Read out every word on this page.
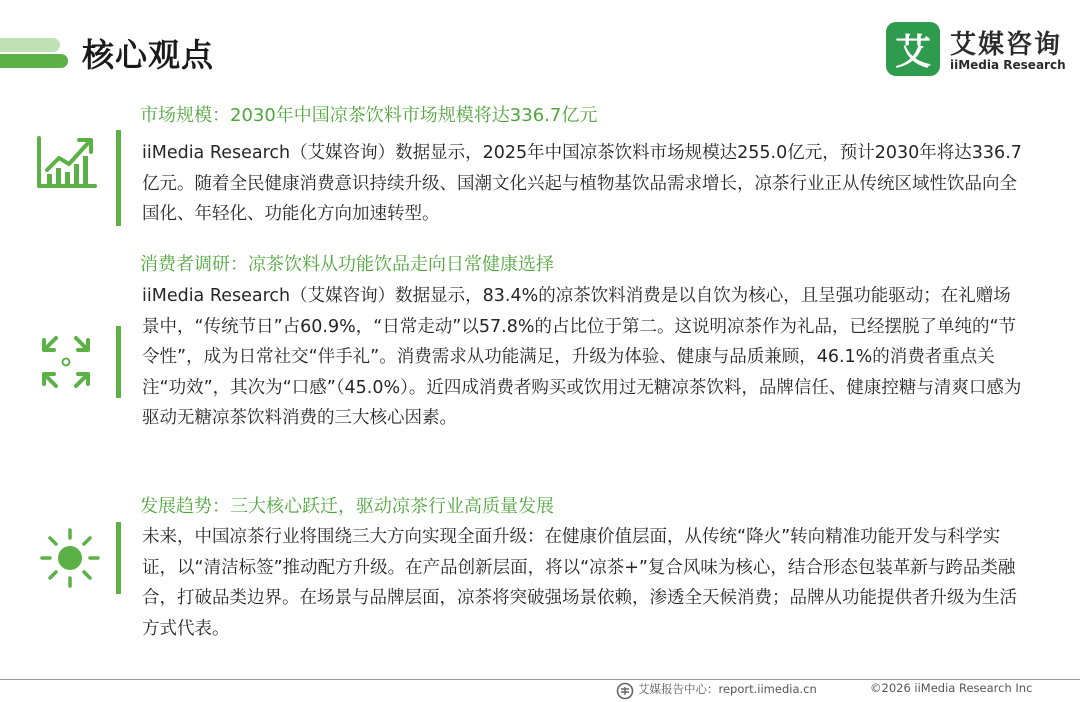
核心观点	艾 艾媒咨询
iiMedia Research
市场规模：2030年中国凉茶饮料市场规模将达336.7亿元
iiMedia Research（艾媒咨询）数据显示，2025年中国凉茶饮料市场规模达255.0亿元，预计2030年将达336.7亿元。随着全民健康消费意识持续升级、国潮文化兴起与植物基饮品需求增长，凉茶行业正从传统区域性饮品向全国化、年轻化、功能化方向加速转型。
消费者调研：凉茶饮料从功能饮品走向日常健康选择
iiMedia Research（艾媒咨询）数据显示，83.4%的凉茶饮料消费是以自饮为核心，且呈强功能驱动；在礼赠场景中，“传统节日”占60.9%，“日常走动”以57.8%的占比位于第二。这说明凉茶作为礼品，已经摆脱了单纯的“节令性”，成为日常社交“伴手礼”。消费需求从功能满足，升级为体验、健康与品质兼顾，46.1%的消费者重点关注“功效”，其次为“口感”（45.0%）。近四成消费者购买或饮用过无糖凉茶饮料，品牌信任、健康控糖与清爽口感为驱动无糖凉茶饮料消费的三大核心因素。
发展趋势：三大核心跃迁，驱动凉茶行业高质量发展
未来，中国凉茶行业将围绕三大方向实现全面升级：在健康价值层面，从传统“降火”转向精准功能开发与科学实证，以“清洁标签”推动配方升级。在产品创新层面，将以“凉茶+”复合风味为核心，结合形态包装革新与跨品类融合，打破品类边界。在场景与品牌层面，凉茶将突破强场景依赖，渗透全天候消费；品牌从功能提供者升级为生活方式代表。
艾媒报告中心：report.iimedia.cn	©2026 iiMedia Research Inc
